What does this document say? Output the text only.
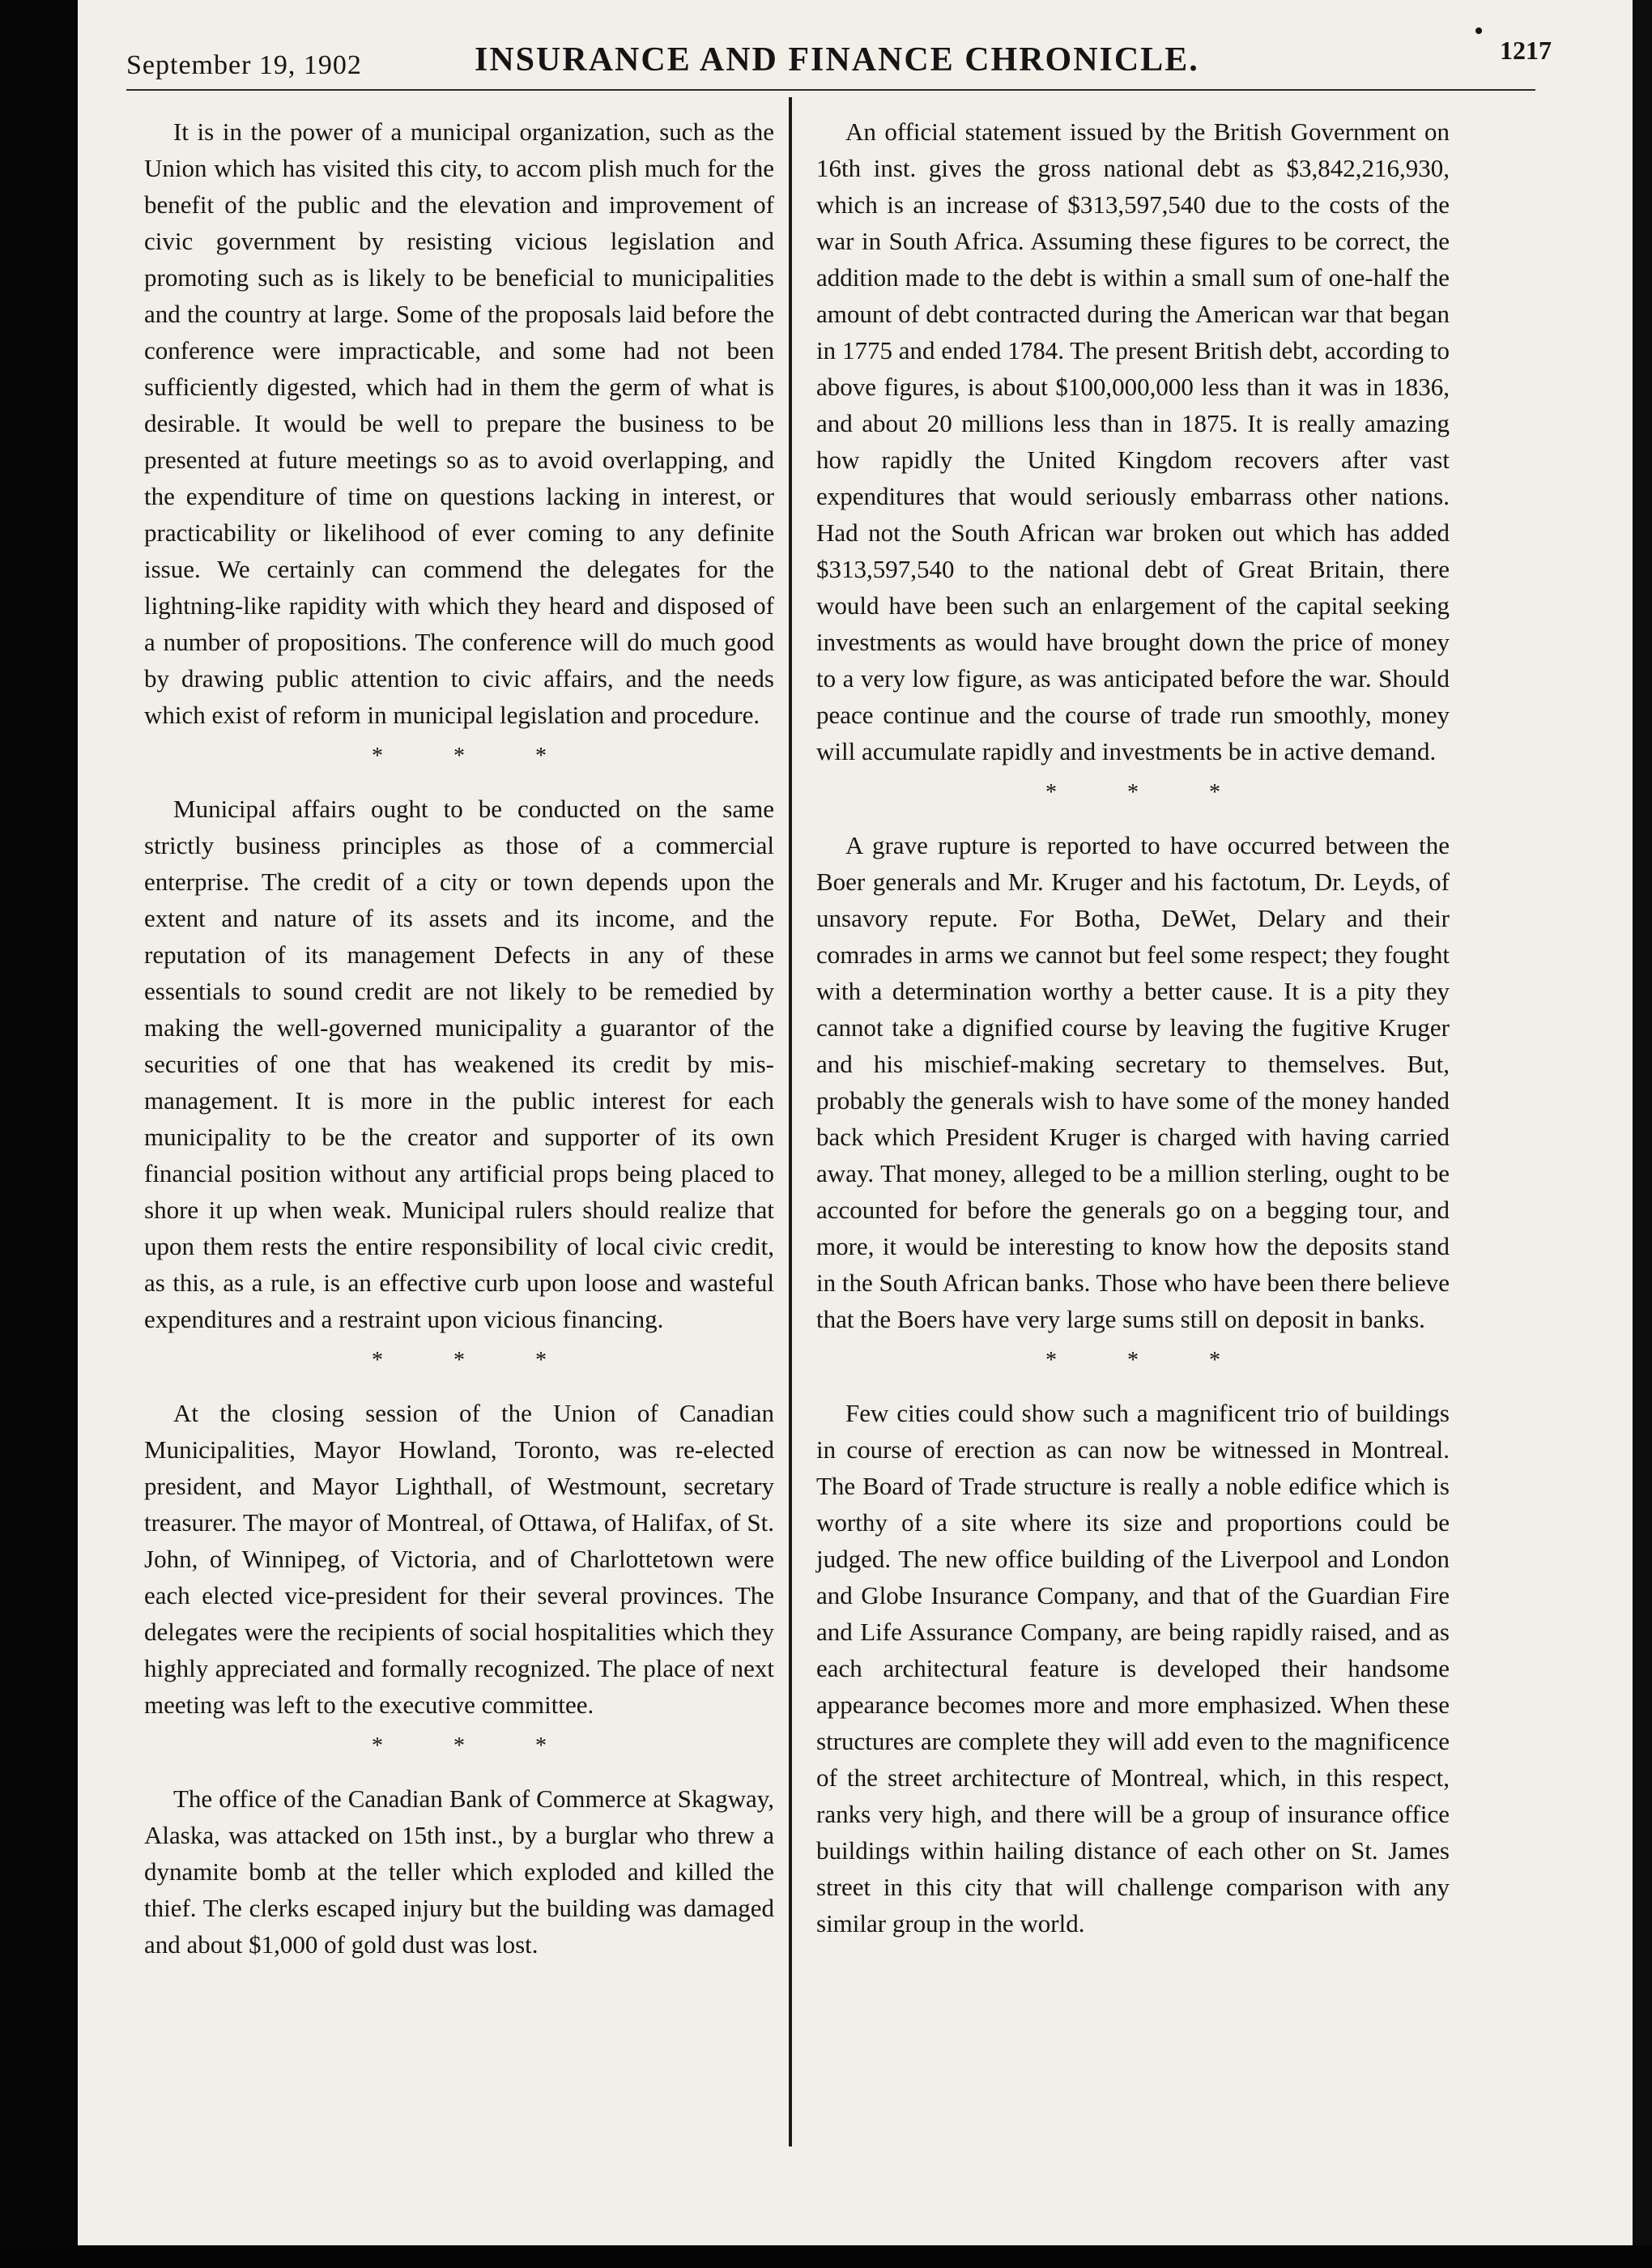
September 19, 1902	INSURANCE AND FINANCE CHRONICLE.
•
1217

It is in the power of a municipal organization, such as the Union which has visited this city, to accom plish much for the benefit of the public and the elevation and improvement of civic government by resisting vicious legislation and promoting such as is likely to be beneficial to municipalities and the country at large. Some of the proposals laid before the conference were impracticable, and some had not been sufficiently digested, which had in them the germ of what is desirable. It would be well to prepare the business to be presented at future meetings so as to avoid overlapping, and the expenditure of time on questions lacking in interest, or practicability or likelihood of ever coming to any definite issue. We certainly can commend the delegates for the lightning-like rapidity with which they heard and disposed of a number of propositions. The conference will do much good by drawing public attention to civic affairs, and the needs which exist of reform in municipal legislation and procedure.

* * *

Municipal affairs ought to be conducted on the same strictly business principles as those of a commercial enterprise. The credit of a city or town depends upon the extent and nature of its assets and its income, and the reputation of its management Defects in any of these essentials to sound credit are not likely to be remedied by making the well-governed municipality a guarantor of the securities of one that has weakened its credit by mis-management. It is more in the public interest for each municipality to be the creator and supporter of its own financial position without any artificial props being placed to shore it up when weak. Municipal rulers should realize that upon them rests the entire responsibility of local civic credit, as this, as a rule, is an effective curb upon loose and wasteful expenditures and a restraint upon vicious financing.

* * *

At the closing session of the Union of Canadian Municipalities, Mayor Howland, Toronto, was re-elected president, and Mayor Lighthall, of Westmount, secretary treasurer. The mayor of Montreal, of Ottawa, of Halifax, of St. John, of Winnipeg, of Victoria, and of Charlottetown were each elected vice-president for their several provinces. The delegates were the recipients of social hospitalities which they highly appreciated and formally recognized. The place of next meeting was left to the executive committee.

* * *

The office of the Canadian Bank of Commerce at Skagway, Alaska, was attacked on 15th inst., by a burglar who threw a dynamite bomb at the teller which exploded and killed the thief. The clerks escaped injury but the building was damaged and about $1,000 of gold dust was lost.

An official statement issued by the British Government on 16th inst. gives the gross national debt as $3,842,216,930, which is an increase of $313,597,540 due to the costs of the war in South Africa. Assuming these figures to be correct, the addition made to the debt is within a small sum of one-half the amount of debt contracted during the American war that began in 1775 and ended 1784. The present British debt, according to above figures, is about $100,000,000 less than it was in 1836, and about 20 millions less than in 1875. It is really amazing how rapidly the United Kingdom recovers after vast expenditures that would seriously embarrass other nations. Had not the South African war broken out which has added $313,597,540 to the national debt of Great Britain, there would have been such an enlargement of the capital seeking investments as would have brought down the price of money to a very low figure, as was anticipated before the war. Should peace continue and the course of trade run smoothly, money will accumulate rapidly and investments be in active demand.

* * *

A grave rupture is reported to have occurred between the Boer generals and Mr. Kruger and his factotum, Dr. Leyds, of unsavory repute. For Botha, DeWet, Delary and their comrades in arms we cannot but feel some respect; they fought with a determination worthy a better cause. It is a pity they cannot take a dignified course by leaving the fugitive Kruger and his mischief-making secretary to themselves. But, probably the generals wish to have some of the money handed back which President Kruger is charged with having carried away. That money, alleged to be a million sterling, ought to be accounted for before the generals go on a begging tour, and more, it would be interesting to know how the deposits stand in the South African banks. Those who have been there believe that the Boers have very large sums still on deposit in banks.

* * *

Few cities could show such a magnificent trio of buildings in course of erection as can now be witnessed in Montreal. The Board of Trade structure is really a noble edifice which is worthy of a site where its size and proportions could be judged. The new office building of the Liverpool and London and Globe Insurance Company, and that of the Guardian Fire and Life Assurance Company, are being rapidly raised, and as each architectural feature is developed their handsome appearance becomes more and more emphasized. When these structures are complete they will add even to the magnificence of the street architecture of Montreal, which, in this respect, ranks very high, and there will be a group of insurance office buildings within hailing distance of each other on St. James street in this city that will challenge comparison with any similar group in the world.
